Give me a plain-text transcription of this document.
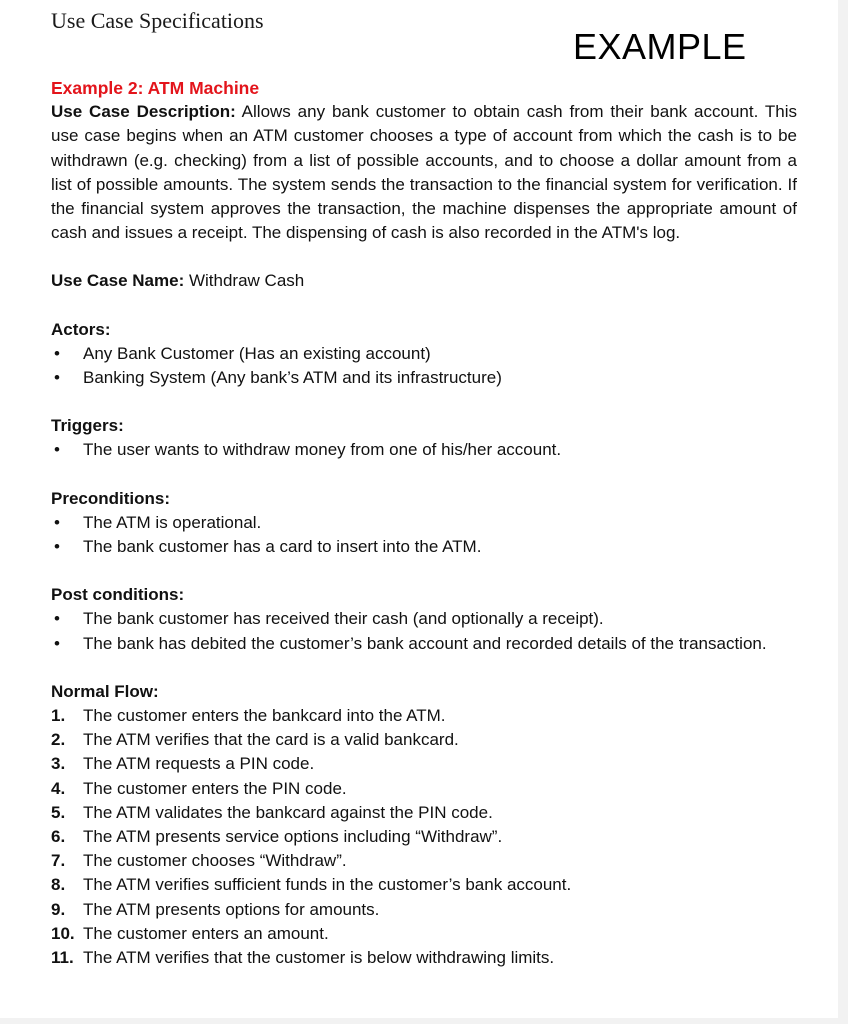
Use Case Specifications
EXAMPLE
Example 2: ATM Machine
Use Case Description: Allows any bank customer to obtain cash from their bank account. This use case begins when an ATM customer chooses a type of account from which the cash is to be withdrawn (e.g. checking) from a list of possible accounts, and to choose a dollar amount from a list of possible amounts. The system sends the transaction to the financial system for verification. If the financial system approves the transaction, the machine dispenses the appropriate amount of cash and issues a receipt. The dispensing of cash is also recorded in the ATM's log.
Use Case Name: Withdraw Cash
Actors:
• Any Bank Customer (Has an existing account)
• Banking System (Any bank’s ATM and its infrastructure)
Triggers:
• The user wants to withdraw money from one of his/her account.
Preconditions:
• The ATM is operational.
• The bank customer has a card to insert into the ATM.
Post conditions:
• The bank customer has received their cash (and optionally a receipt).
• The bank has debited the customer’s bank account and recorded details of the transaction.
Normal Flow:
1. The customer enters the bankcard into the ATM.
2. The ATM verifies that the card is a valid bankcard.
3. The ATM requests a PIN code.
4. The customer enters the PIN code.
5. The ATM validates the bankcard against the PIN code.
6. The ATM presents service options including “Withdraw”.
7. The customer chooses “Withdraw”.
8. The ATM verifies sufficient funds in the customer’s bank account.
9. The ATM presents options for amounts.
10. The customer enters an amount.
11. The ATM verifies that the customer is below withdrawing limits.
